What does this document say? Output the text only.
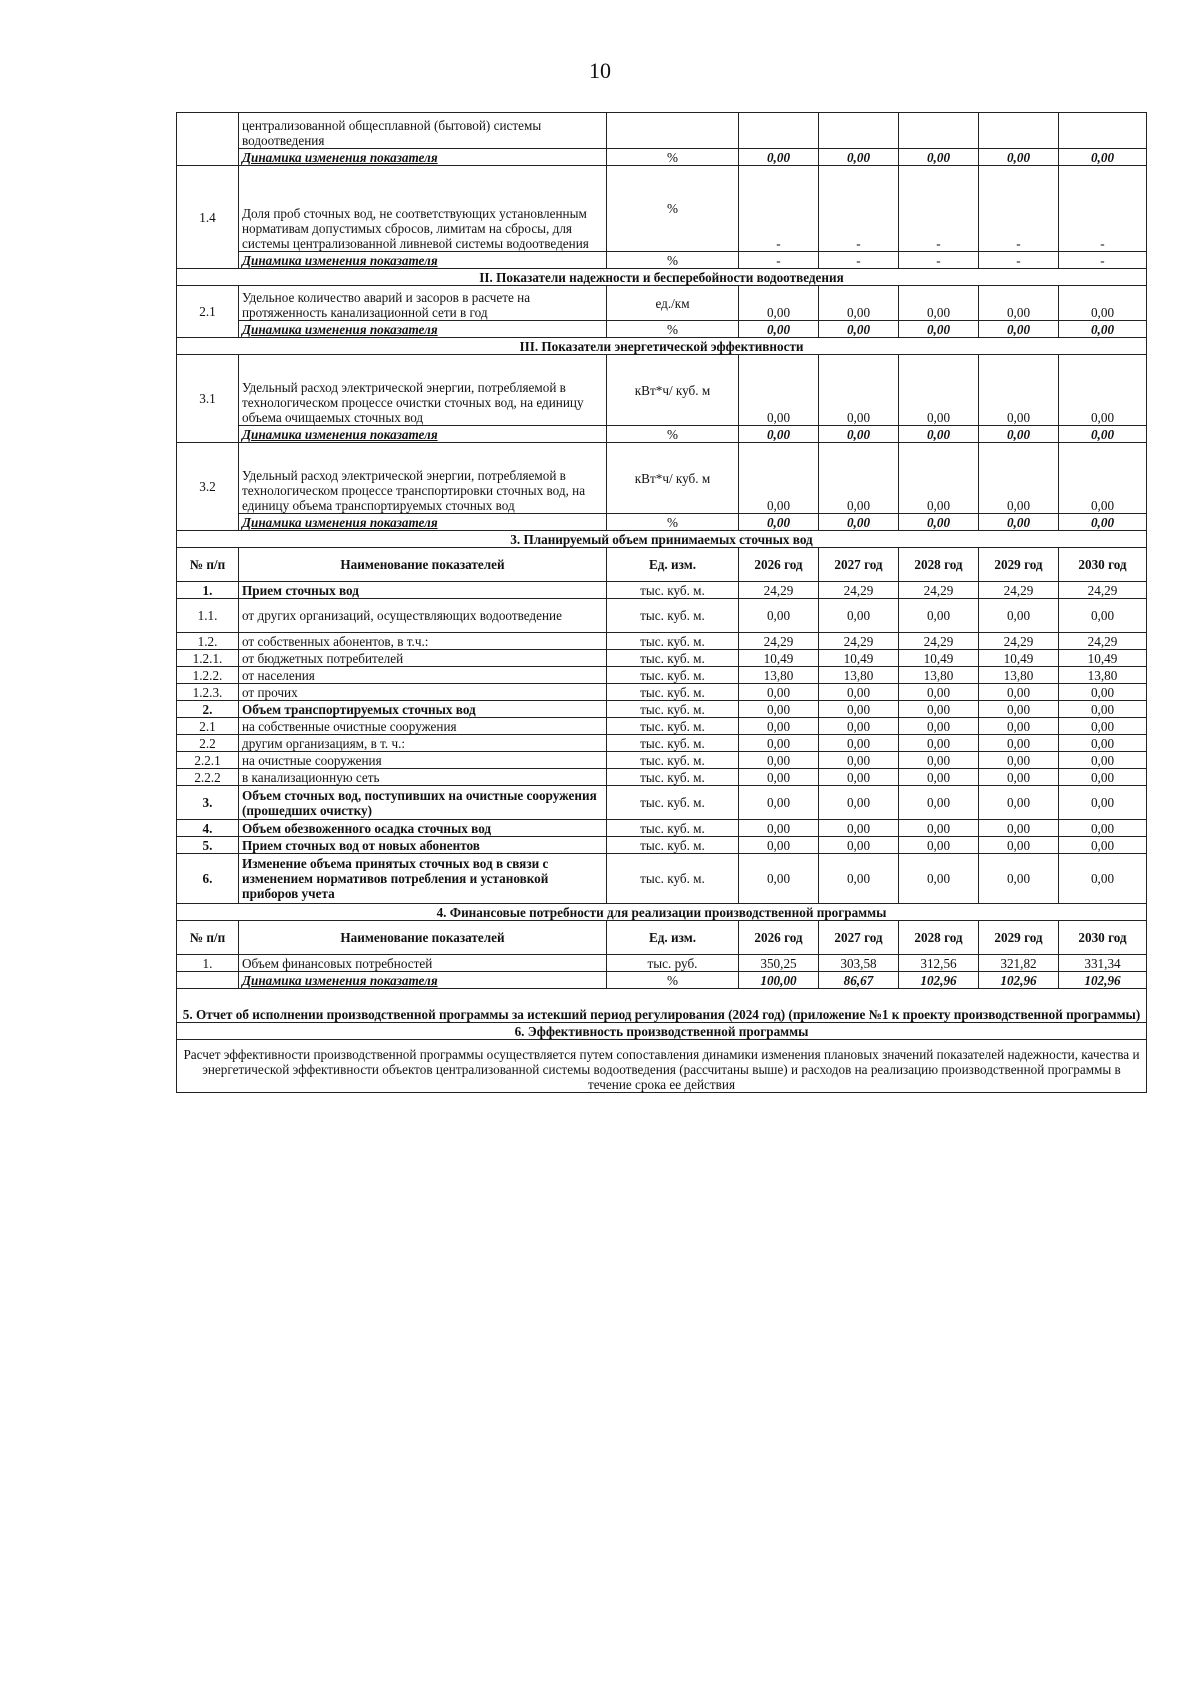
10
	централизованной общесплавной (бытовой) системы водоотведения						
	Динамика изменения показателя	%	0,00	0,00	0,00	0,00	0,00
1.4	Доля проб сточных вод, не соответствующих установленным нормативам допустимых сбросов, лимитам на сбросы, для системы централизованной ливневой системы водоотведения	%	-	-	-	-	-
	Динамика изменения показателя	%	-	-	-	-	-
II. Показатели надежности и бесперебойности водоотведения							
2.1	Удельное количество аварий и засоров в расчете на протяженность канализационной сети в год	ед./км	0,00	0,00	0,00	0,00	0,00
	Динамика изменения показателя	%	0,00	0,00	0,00	0,00	0,00
III. Показатели энергетической эффективности							
3.1	Удельный расход электрической энергии, потребляемой в технологическом процессе очистки сточных вод, на единицу объема очищаемых сточных вод	кВт*ч/ куб. м	0,00	0,00	0,00	0,00	0,00
	Динамика изменения показателя	%	0,00	0,00	0,00	0,00	0,00
3.2	Удельный расход электрической энергии, потребляемой в технологическом процессе транспортировки сточных вод, на единицу объема транспортируемых сточных вод	кВт*ч/ куб. м	0,00	0,00	0,00	0,00	0,00
	Динамика изменения показателя	%	0,00	0,00	0,00	0,00	0,00
3. Планируемый объем принимаемых сточных вод							
№ п/п	Наименование показателей	Ед. изм.	2026 год	2027 год	2028 год	2029 год	2030 год
1.	Прием сточных вод	тыс. куб. м.	24,29	24,29	24,29	24,29	24,29
1.1.	от других организаций, осуществляющих водоотведение	тыс. куб. м.	0,00	0,00	0,00	0,00	0,00
1.2.	от собственных абонентов, в т.ч.:	тыс. куб. м.	24,29	24,29	24,29	24,29	24,29
1.2.1.	от бюджетных потребителей	тыс. куб. м.	10,49	10,49	10,49	10,49	10,49
1.2.2.	от населения	тыс. куб. м.	13,80	13,80	13,80	13,80	13,80
1.2.3.	от прочих	тыс. куб. м.	0,00	0,00	0,00	0,00	0,00
2.	Объем транспортируемых сточных вод	тыс. куб. м.	0,00	0,00	0,00	0,00	0,00
2.1	на собственные очистные сооружения	тыс. куб. м.	0,00	0,00	0,00	0,00	0,00
2.2	другим организациям, в т. ч.:	тыс. куб. м.	0,00	0,00	0,00	0,00	0,00
2.2.1	на очистные сооружения	тыс. куб. м.	0,00	0,00	0,00	0,00	0,00
2.2.2	в канализационную сеть	тыс. куб. м.	0,00	0,00	0,00	0,00	0,00
3.	Объем сточных вод, поступивших на очистные сооружения (прошедших очистку)	тыс. куб. м.	0,00	0,00	0,00	0,00	0,00
4.	Объем обезвоженного осадка сточных вод	тыс. куб. м.	0,00	0,00	0,00	0,00	0,00
5.	Прием сточных вод от новых абонентов	тыс. куб. м.	0,00	0,00	0,00	0,00	0,00
6.	Изменение объема принятых сточных вод в связи с изменением нормативов потребления и установкой приборов учета	тыс. куб. м.	0,00	0,00	0,00	0,00	0,00
4. Финансовые потребности для реализации производственной программы							
№ п/п	Наименование показателей	Ед. изм.	2026 год	2027 год	2028 год	2029 год	2030 год
1.	Объем финансовых потребностей	тыс. руб.	350,25	303,58	312,56	321,82	331,34
	Динамика изменения показателя	%	100,00	86,67	102,96	102,96	102,96
5. Отчет об исполнении производственной программы за истекший период регулирования (2024 год) (приложение №1 к проекту производственной программы)							
6. Эффективность производственной программы							
Расчет эффективности производственной программы осуществляется путем сопоставления динамики изменения плановых значений показателей надежности, качества и энергетической эффективности объектов централизованной системы водоотведения (рассчитаны выше) и расходов на реализацию производственной программы в течение срока ее действия							
